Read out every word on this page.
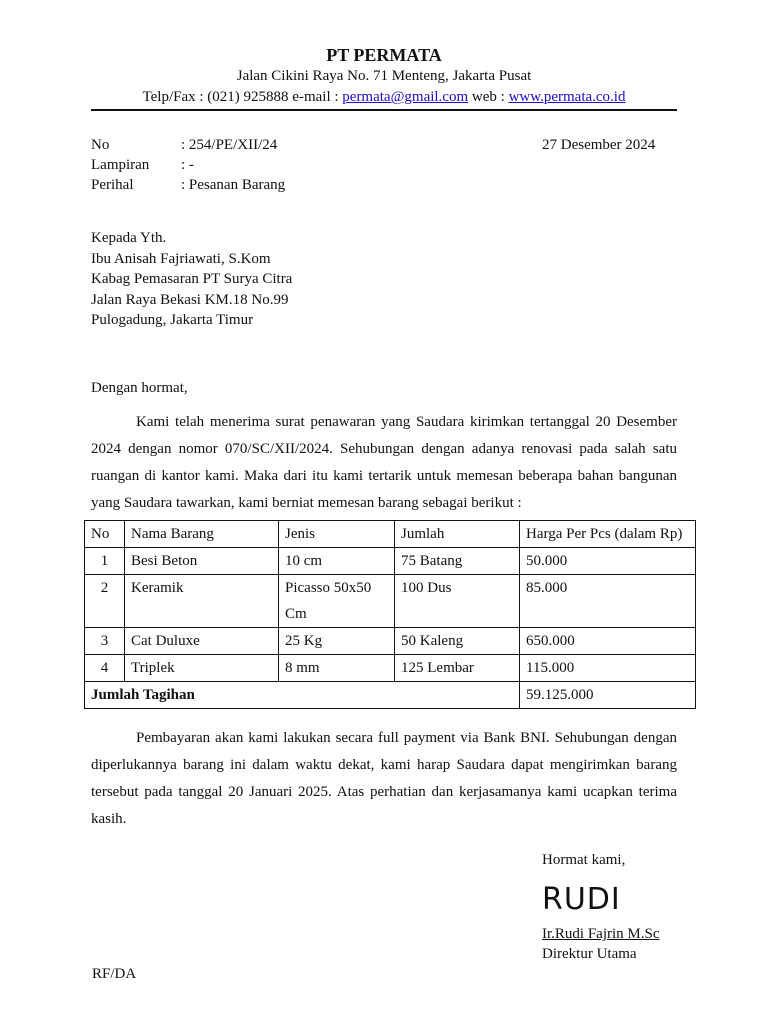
PT PERMATA
Jalan Cikini Raya No. 71 Menteng, Jakarta Pusat
Telp/Fax : (021) 925888 e-mail : permata@gmail.com web : www.permata.co.id
No	: 254/PE/XII/24
Lampiran : -
Perihal	: Pesanan Barang
27 Desember 2024
Kepada Yth.
Ibu Anisah Fajriawati, S.Kom
Kabag Pemasaran PT Surya Citra
Jalan Raya Bekasi KM.18 No.99
Pulogadung, Jakarta Timur
Dengan hormat,
Kami telah menerima surat penawaran yang Saudara kirimkan tertanggal 20 Desember 2024 dengan nomor 070/SC/XII/2024. Sehubungan dengan adanya renovasi pada salah satu ruangan di kantor kami. Maka dari itu kami tertarik untuk memesan beberapa bahan bangunan yang Saudara tawarkan, kami berniat memesan barang sebagai berikut :
No	Nama Barang	Jenis	Jumlah	Harga Per Pcs (dalam Rp)
1	Besi Beton	10 cm	75 Batang	50.000
2	Keramik	Picasso 50x50 Cm	100 Dus	85.000
3	Cat Duluxe	25 Kg	50 Kaleng	650.000
4	Triplek	8 mm	125 Lembar	115.000
Jumlah Tagihan				59.125.000
Pembayaran akan kami lakukan secara full payment via Bank BNI. Sehubungan dengan diperlukannya barang ini dalam waktu dekat, kami harap Saudara dapat mengirimkan barang tersebut pada tanggal 20 Januari 2025. Atas perhatian dan kerjasamanya kami ucapkan terima kasih.
Hormat kami,
RUDI
Ir.Rudi Fajrin M.Sc
Direktur Utama
RF/DA
